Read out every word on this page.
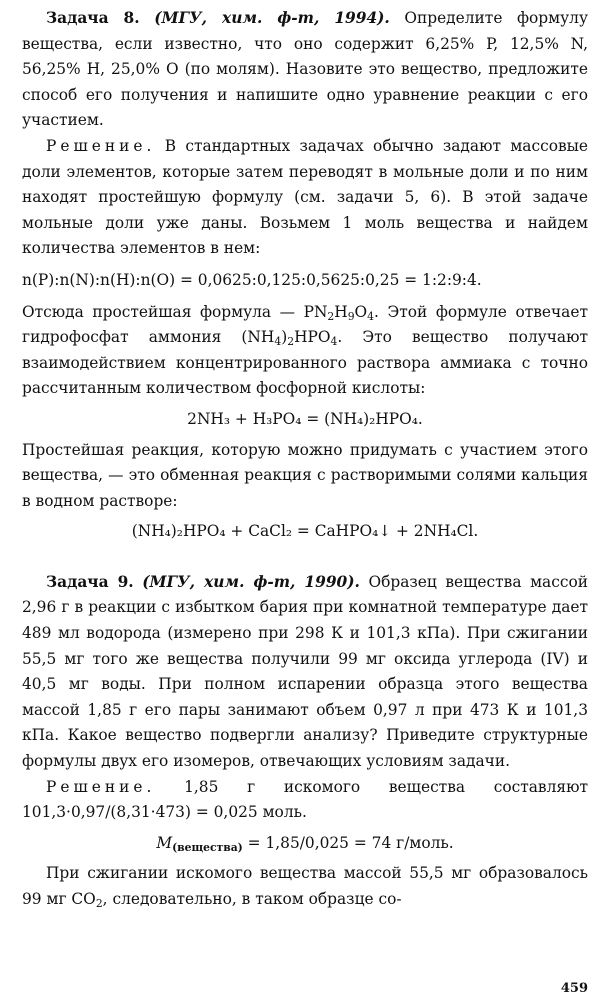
Задача 8. (МГУ, хим. ф-т, 1994). Определите формулу вещества, если известно, что оно содержит 6,25% P, 12,5% N, 56,25% H, 25,0% O (по молям). Назовите это вещество, предложите способ его получения и напишите одно уравнение реакции с его участием.

Решение. В стандартных задачах обычно задают массовые доли элементов, которые затем переводят в мольные доли и по ним находят простейшую формулу (см. задачи 5, 6). В этой задаче мольные доли уже даны. Возьмем 1 моль вещества и найдем количества элементов в нем:

n(P):n(N):n(H):n(O) = 0,0625:0,125:0,5625:0,25 = 1:2:9:4.

Отсюда простейшая формула — $PN_2H_9O_4$. Этой формуле отвечает гидрофосфат аммония $(NH_4)_2HPO_4$. Это вещество получают взаимодействием концентрированного раствора аммиака с точно рассчитанным количеством фосфорной кислоты:

2NH₃ + H₃PO₄ = (NH₄)₂HPO₄.

Простейшая реакция, которую можно придумать с участием этого вещества, — это обменная реакция с растворимыми солями кальция в водном растворе:

(NH₄)₂HPO₄ + CaCl₂ = CaHPO₄↓ + 2NH₄Cl.

Задача 9. (МГУ, хим. ф-т, 1990). Образец вещества массой 2,96 г в реакции с избытком бария при комнатной температуре дает 489 мл водорода (измерено при 298 К и 101,3 кПа). При сжигании 55,5 мг того же вещества получили 99 мг оксида углерода (IV) и 40,5 мг воды. При полном испарении образца этого вещества массой 1,85 г его пары занимают объем 0,97 л при 473 К и 101,3 кПа. Какое вещество подвергли анализу? Приведите структурные формулы двух его изомеров, отвечающих условиям задачи.

Решение. 1,85 г искомого вещества составляют 101,3·0,97/(8,31·473) = 0,025 моль.

$M_{(вещества)} = 1,85/0,025 = 74$ г/моль.

При сжигании искомого вещества массой 55,5 мг образовалось 99 мг $CO_2$, следовательно, в таком образце со-

459
